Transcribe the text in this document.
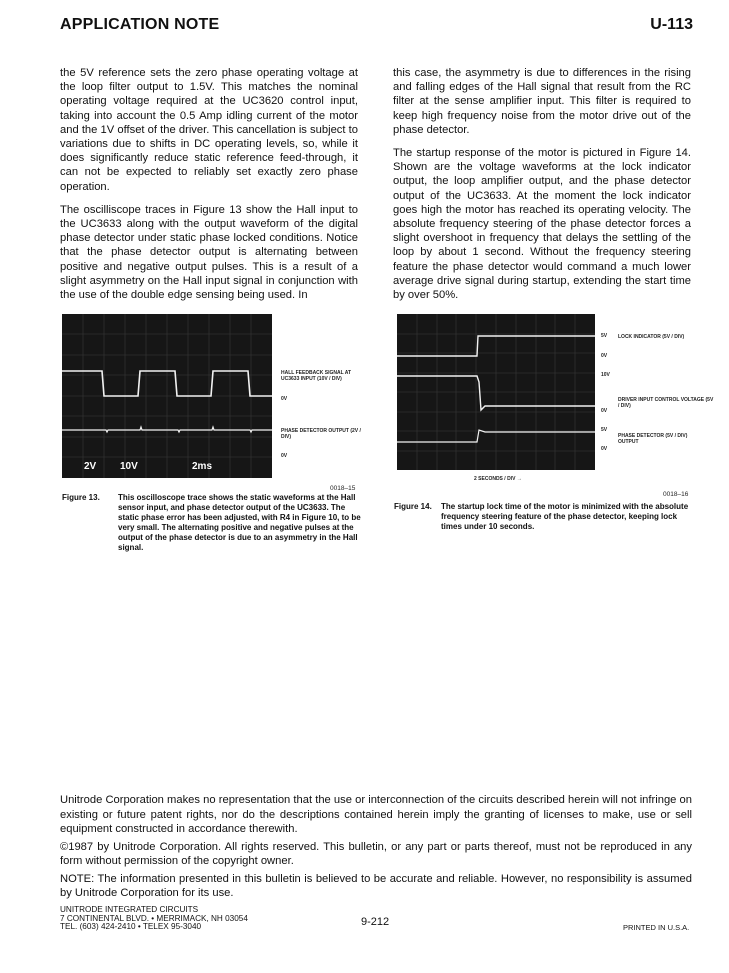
APPLICATION NOTE	U-113

the 5V reference sets the zero phase operating voltage at the loop filter output to 1.5V. This matches the nominal operating voltage required at the UC3620 control input, taking into account the 0.5 Amp idling current of the motor and the 1V offset of the driver. This cancellation is subject to variations due to shifts in DC operating levels, so, while it does significantly reduce static reference feed-through, it can not be expected to reliably set exactly zero phase operation.

The oscilliscope traces in Figure 13 show the Hall input to the UC3633 along with the output waveform of the digital phase detector under static phase locked conditions. Notice that the phase detector output is alternating between positive and negative output pulses. This is a result of a slight asymmetry on the Hall input signal in conjunction with the use of the double edge sensing being used. In

this case, the asymmetry is due to differences in the rising and falling edges of the Hall signal that result from the RC filter at the sense amplifier input. This filter is required to keep high frequency noise from the motor drive out of the phase detector.

The startup response of the motor is pictured in Figure 14. Shown are the voltage waveforms at the lock indicator output, the loop amplifier output, and the phase detector output of the UC3633. At the moment the lock indicator goes high the motor has reached its operating velocity. The absolute frequency steering of the phase detector forces a slight overshoot in frequency that delays the settling of the loop by about 1 second. Without the frequency steering feature the phase detector would command a much lower average drive signal during startup, extending the start time by over 50%.

2V 10V	2ms
HALL FEEDBACK SIGNAL AT UC3633 INPUT (10V / DIV)
0V
PHASE DETECTOR OUTPUT (2V / DIV)
0V
0018–15
Figure 13.	This oscilloscope trace shows the static waveforms at the Hall sensor input, and phase detector output of the UC3633. The static phase error has been adjusted, with R4 in Figure 10, to be very small. The alternating positive and negative pulses at the output of the phase detector is due to an asymmetry in the Hall signal.
5V
0V
10V
0V
5V
0V
LOCK INDICATOR (5V / DIV)
DRIVER INPUT CONTROL VOLTAGE (5V / DIV)
PHASE DETECTOR (5V / DIV) OUTPUT
2 SECONDS / DIV →
0018–16
Figure 14.	The startup lock time of the motor is minimized with the absolute frequency steering feature of the phase detector, keeping lock times under 10 seconds.

Unitrode Corporation makes no representation that the use or interconnection of the circuits described herein will not infringe on existing or future patent rights, nor do the descriptions contained herein imply the granting of licenses to make, use or sell equipment constructed in accordance therewith.

©1987 by Unitrode Corporation. All rights reserved. This bulletin, or any part or parts thereof, must not be reproduced in any form without permission of the copyright owner.

NOTE: The information presented in this bulletin is believed to be accurate and reliable. However, no responsibility is assumed by Unitrode Corporation for its use.

UNITRODE INTEGRATED CIRCUITS
7 CONTINENTAL BLVD. • MERRIMACK, NH 03054
TEL. (603) 424-2410 • TELEX 95-3040	9-212	PRINTED IN U.S.A.
